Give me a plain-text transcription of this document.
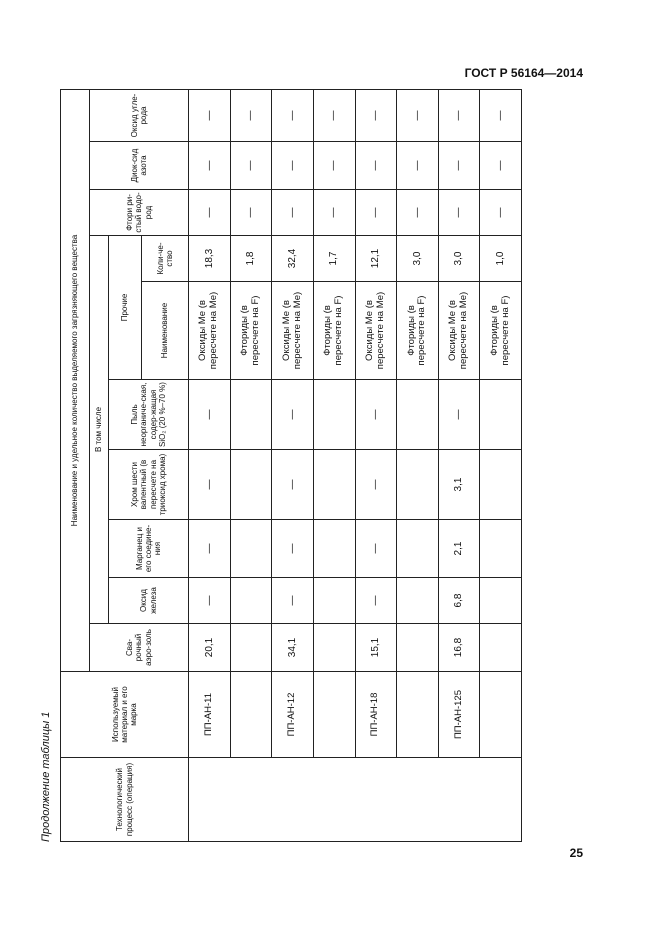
ГОСТ Р 56164—2014
Продолжение таблицы 1	Технологический процесс (операция)	Используемый материал и его марка	Наименование и удельное количество выделяемого загрязняющего вещества									
		Сва-рочный аэро-золь	В том числе						Фтори ри-стый водо-род	Диок-сид азота	Оксид угле-рода
			Оксид железа	Марганец и его соедине-ния	Хром шести валентный (в пересчете на триоксид хрома)	Пыль неорганиче-ская, содер-жащая SiO₂ (20 %–70 %)	Прочие				
							Наименование	Коли-че-ство			
	ПП-АН-11	20,1	—	—	—	—	Оксиды Ме (в пересчете на Ме)	18,3	—	—	—
							Фториды (в пересчете на F)	1,8	—	—	—
	ПП-АН-12	34,1	—	—	—	—	Оксиды Ме (в пересчете на Ме)	32,4	—	—	—
							Фториды (в пересчете на F)	1,7	—	—	—
	ПП-АН-18	15,1	—	—	—	—	Оксиды Ме (в пересчете на Ме)	12,1	—	—	—
							Фториды (в пересчете на F)	3,0	—	—	—
	ПП-АН-125	16,8	6,8	2,1	3,1	—	Оксиды Ме (в пересчете на Ме)	3,0	—	—	—
							Фториды (в пересчете на F)	1,0	—	—	—
25
